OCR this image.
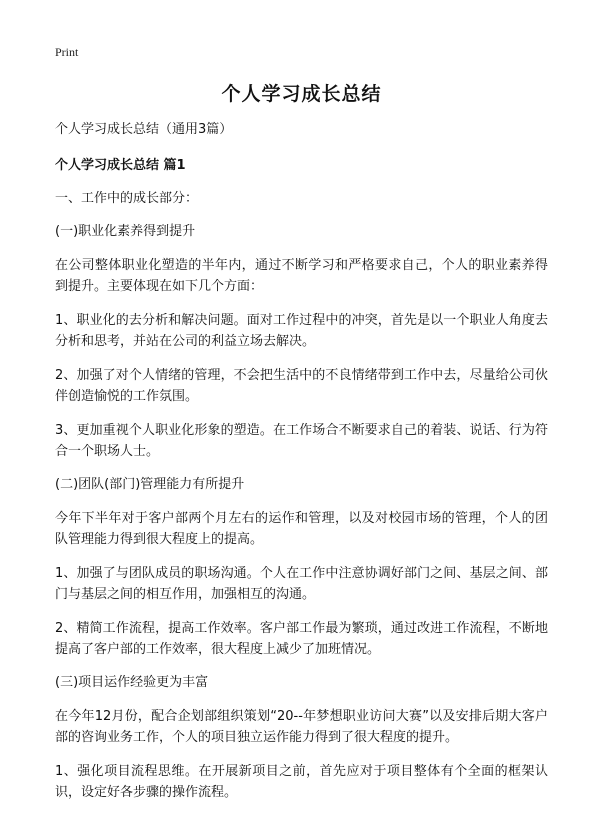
Print

个人学习成长总结

个人学习成长总结（通用3篇）

个人学习成长总结 篇1

一、工作中的成长部分：

(一)职业化素养得到提升

在公司整体职业化塑造的半年内，通过不断学习和严格要求自己，个人的职业素养得到提升。主要体现在如下几个方面：

1、职业化的去分析和解决问题。面对工作过程中的冲突，首先是以一个职业人角度去分析和思考，并站在公司的利益立场去解决。

2、加强了对个人情绪的管理，不会把生活中的不良情绪带到工作中去，尽量给公司伙伴创造愉悦的工作氛围。

3、更加重视个人职业化形象的塑造。在工作场合不断要求自己的着装、说话、行为符合一个职场人士。

(二)团队(部门)管理能力有所提升

今年下半年对于客户部两个月左右的运作和管理，以及对校园市场的管理，个人的团队管理能力得到很大程度上的提高。

1、加强了与团队成员的职场沟通。个人在工作中注意协调好部门之间、基层之间、部门与基层之间的相互作用，加强相互的沟通。

2、精简工作流程，提高工作效率。客户部工作最为繁琐，通过改进工作流程，不断地提高了客户部的工作效率，很大程度上减少了加班情况。

(三)项目运作经验更为丰富

在今年12月份，配合企划部组织策划“20--年梦想职业访问大赛”以及安排后期大客户部的咨询业务工作，个人的项目独立运作能力得到了很大程度的提升。

1、强化项目流程思维。在开展新项目之前，首先应对于项目整体有个全面的框架认识，设定好各步骤的操作流程。
